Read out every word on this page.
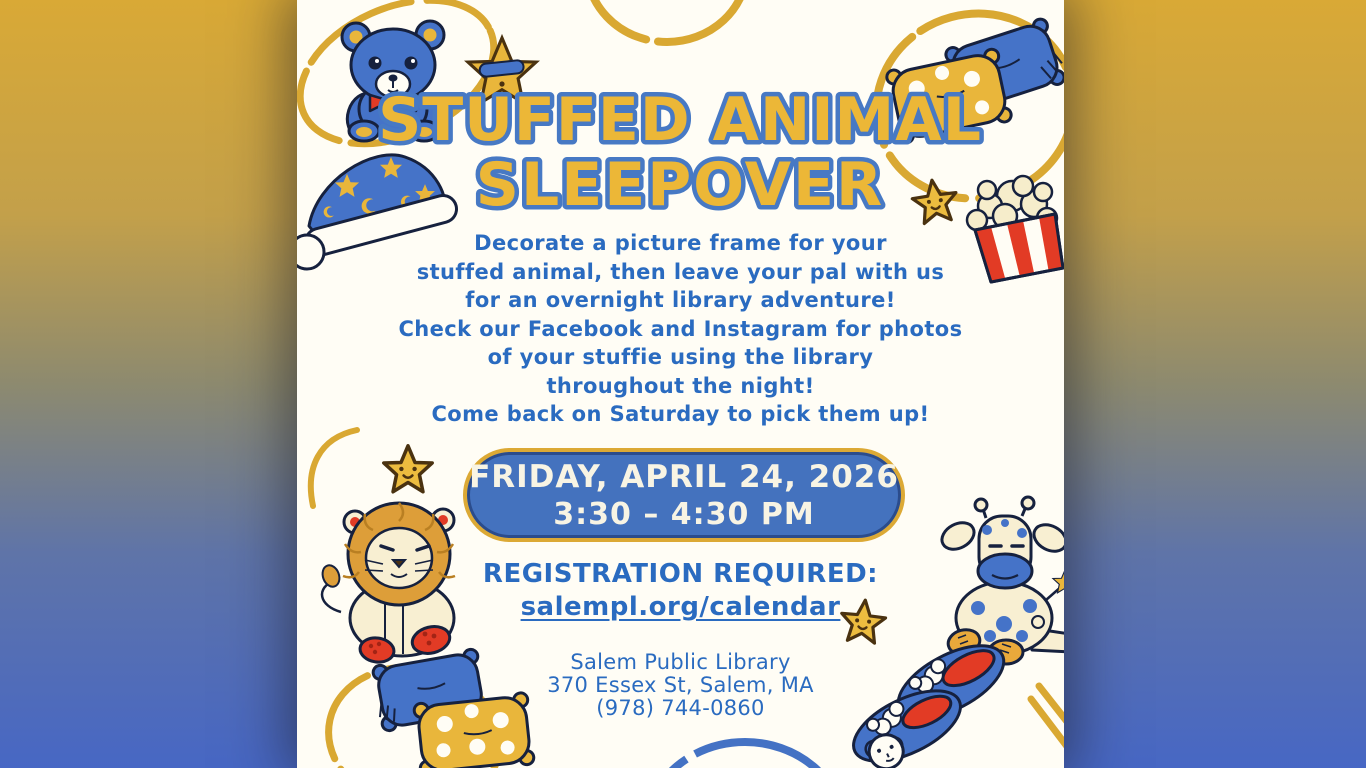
STUFFED ANIMAL
SLEEPOVER
Decorate a picture frame for your
stuffed animal, then leave your pal with us
for an overnight library adventure!
Check our Facebook and Instagram for photos
of your stuffie using the library
throughout the night!
Come back on Saturday to pick them up!
FRIDAY, APRIL 24, 2026
3:30 – 4:30 PM
REGISTRATION REQUIRED:
salempl.org/calendar
Salem Public Library
370 Essex St, Salem, MA
(978) 744-0860
